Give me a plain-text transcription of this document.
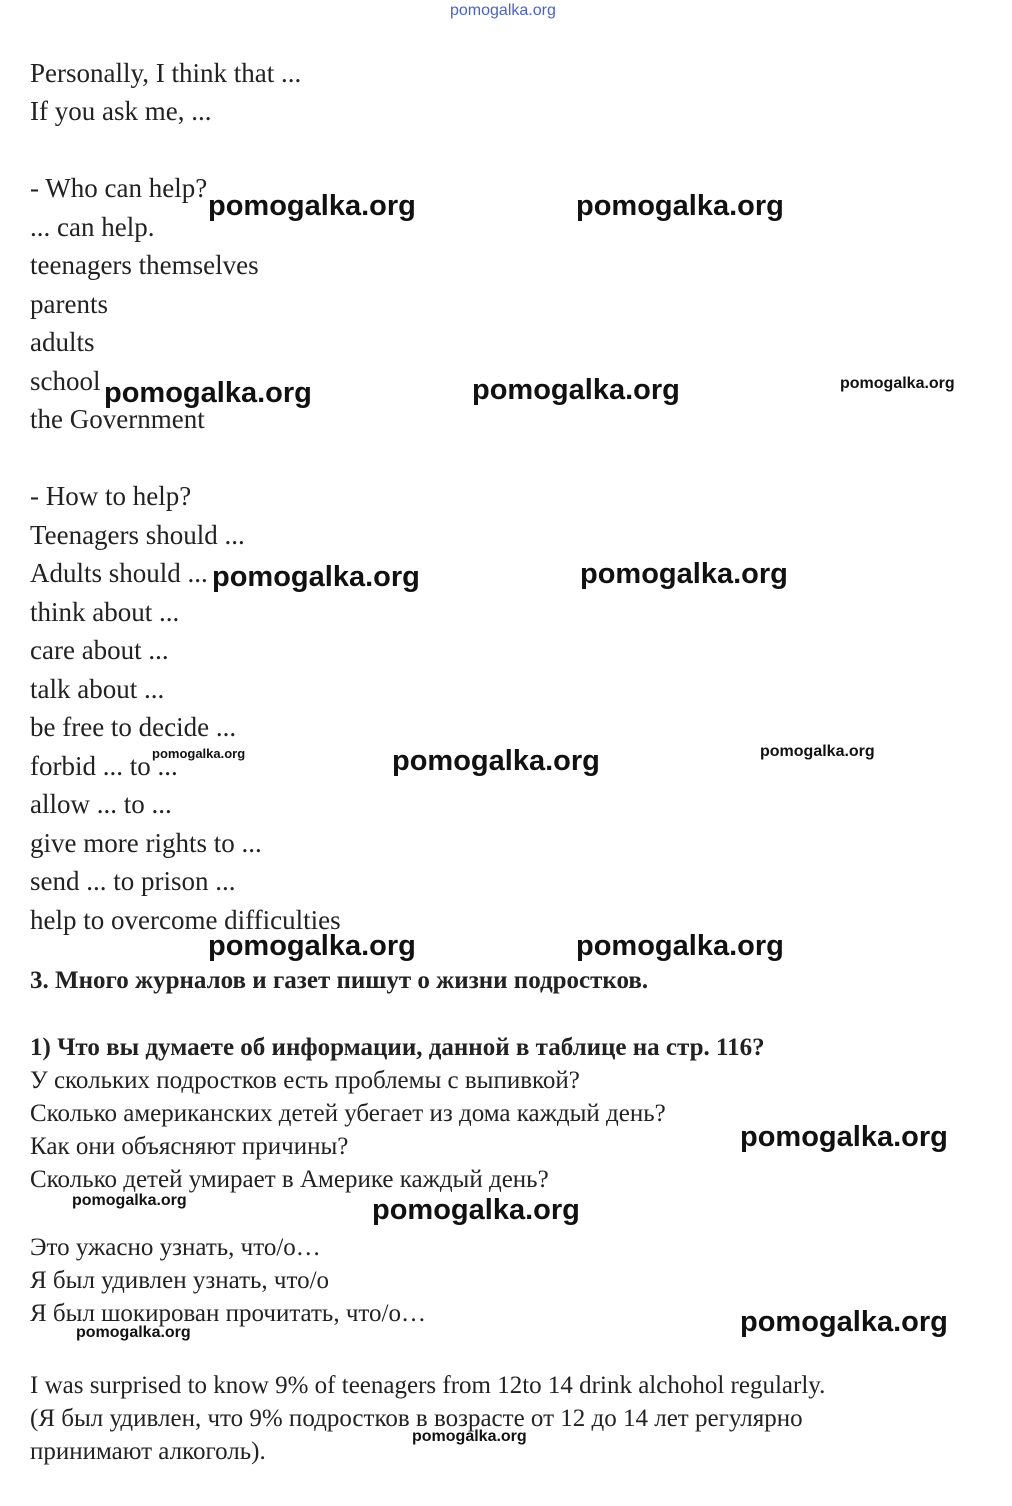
Personally, I think that ...
If you ask me, ...
- Who can help?
... can help.
teenagers themselves
parents
adults
school
the Government
- How to help?
Teenagers should ...
Adults should ...
think about ...
care about ...
talk about ...
be free to decide ...
forbid ... to ...
allow ... to ...
give more rights to ...
send ... to prison ...
help to overcome difficulties
3. Много журналов и газет пишут о жизни подростков.
1) Что вы думаете об информации, данной в таблице на стр. 116?
У скольких подростков есть проблемы с выпивкой?
Сколько американских детей убегает из дома каждый день?
Как они объясняют причины?
Сколько детей умирает в Америке каждый день?
Это ужасно узнать, что/о…
Я был удивлен узнать, что/о
Я был шокирован прочитать, что/о…
I was surprised to know 9% of teenagers from 12to 14 drink alchohol regularly.
(Я был удивлен, что 9% подростков в возрасте от 12 до 14 лет регулярно
принимают алкоголь).
pomogalka.org
pomogalka.org	pomogalka.org
pomogalka.org	pomogalka.org	pomogalka.org
pomogalka.org	pomogalka.org
pomogalka.org	pomogalka.org	pomogalka.org
pomogalka.org	pomogalka.org
pomogalka.org
pomogalka.org	pomogalka.org
pomogalka.org	pomogalka.org
pomogalka.org
